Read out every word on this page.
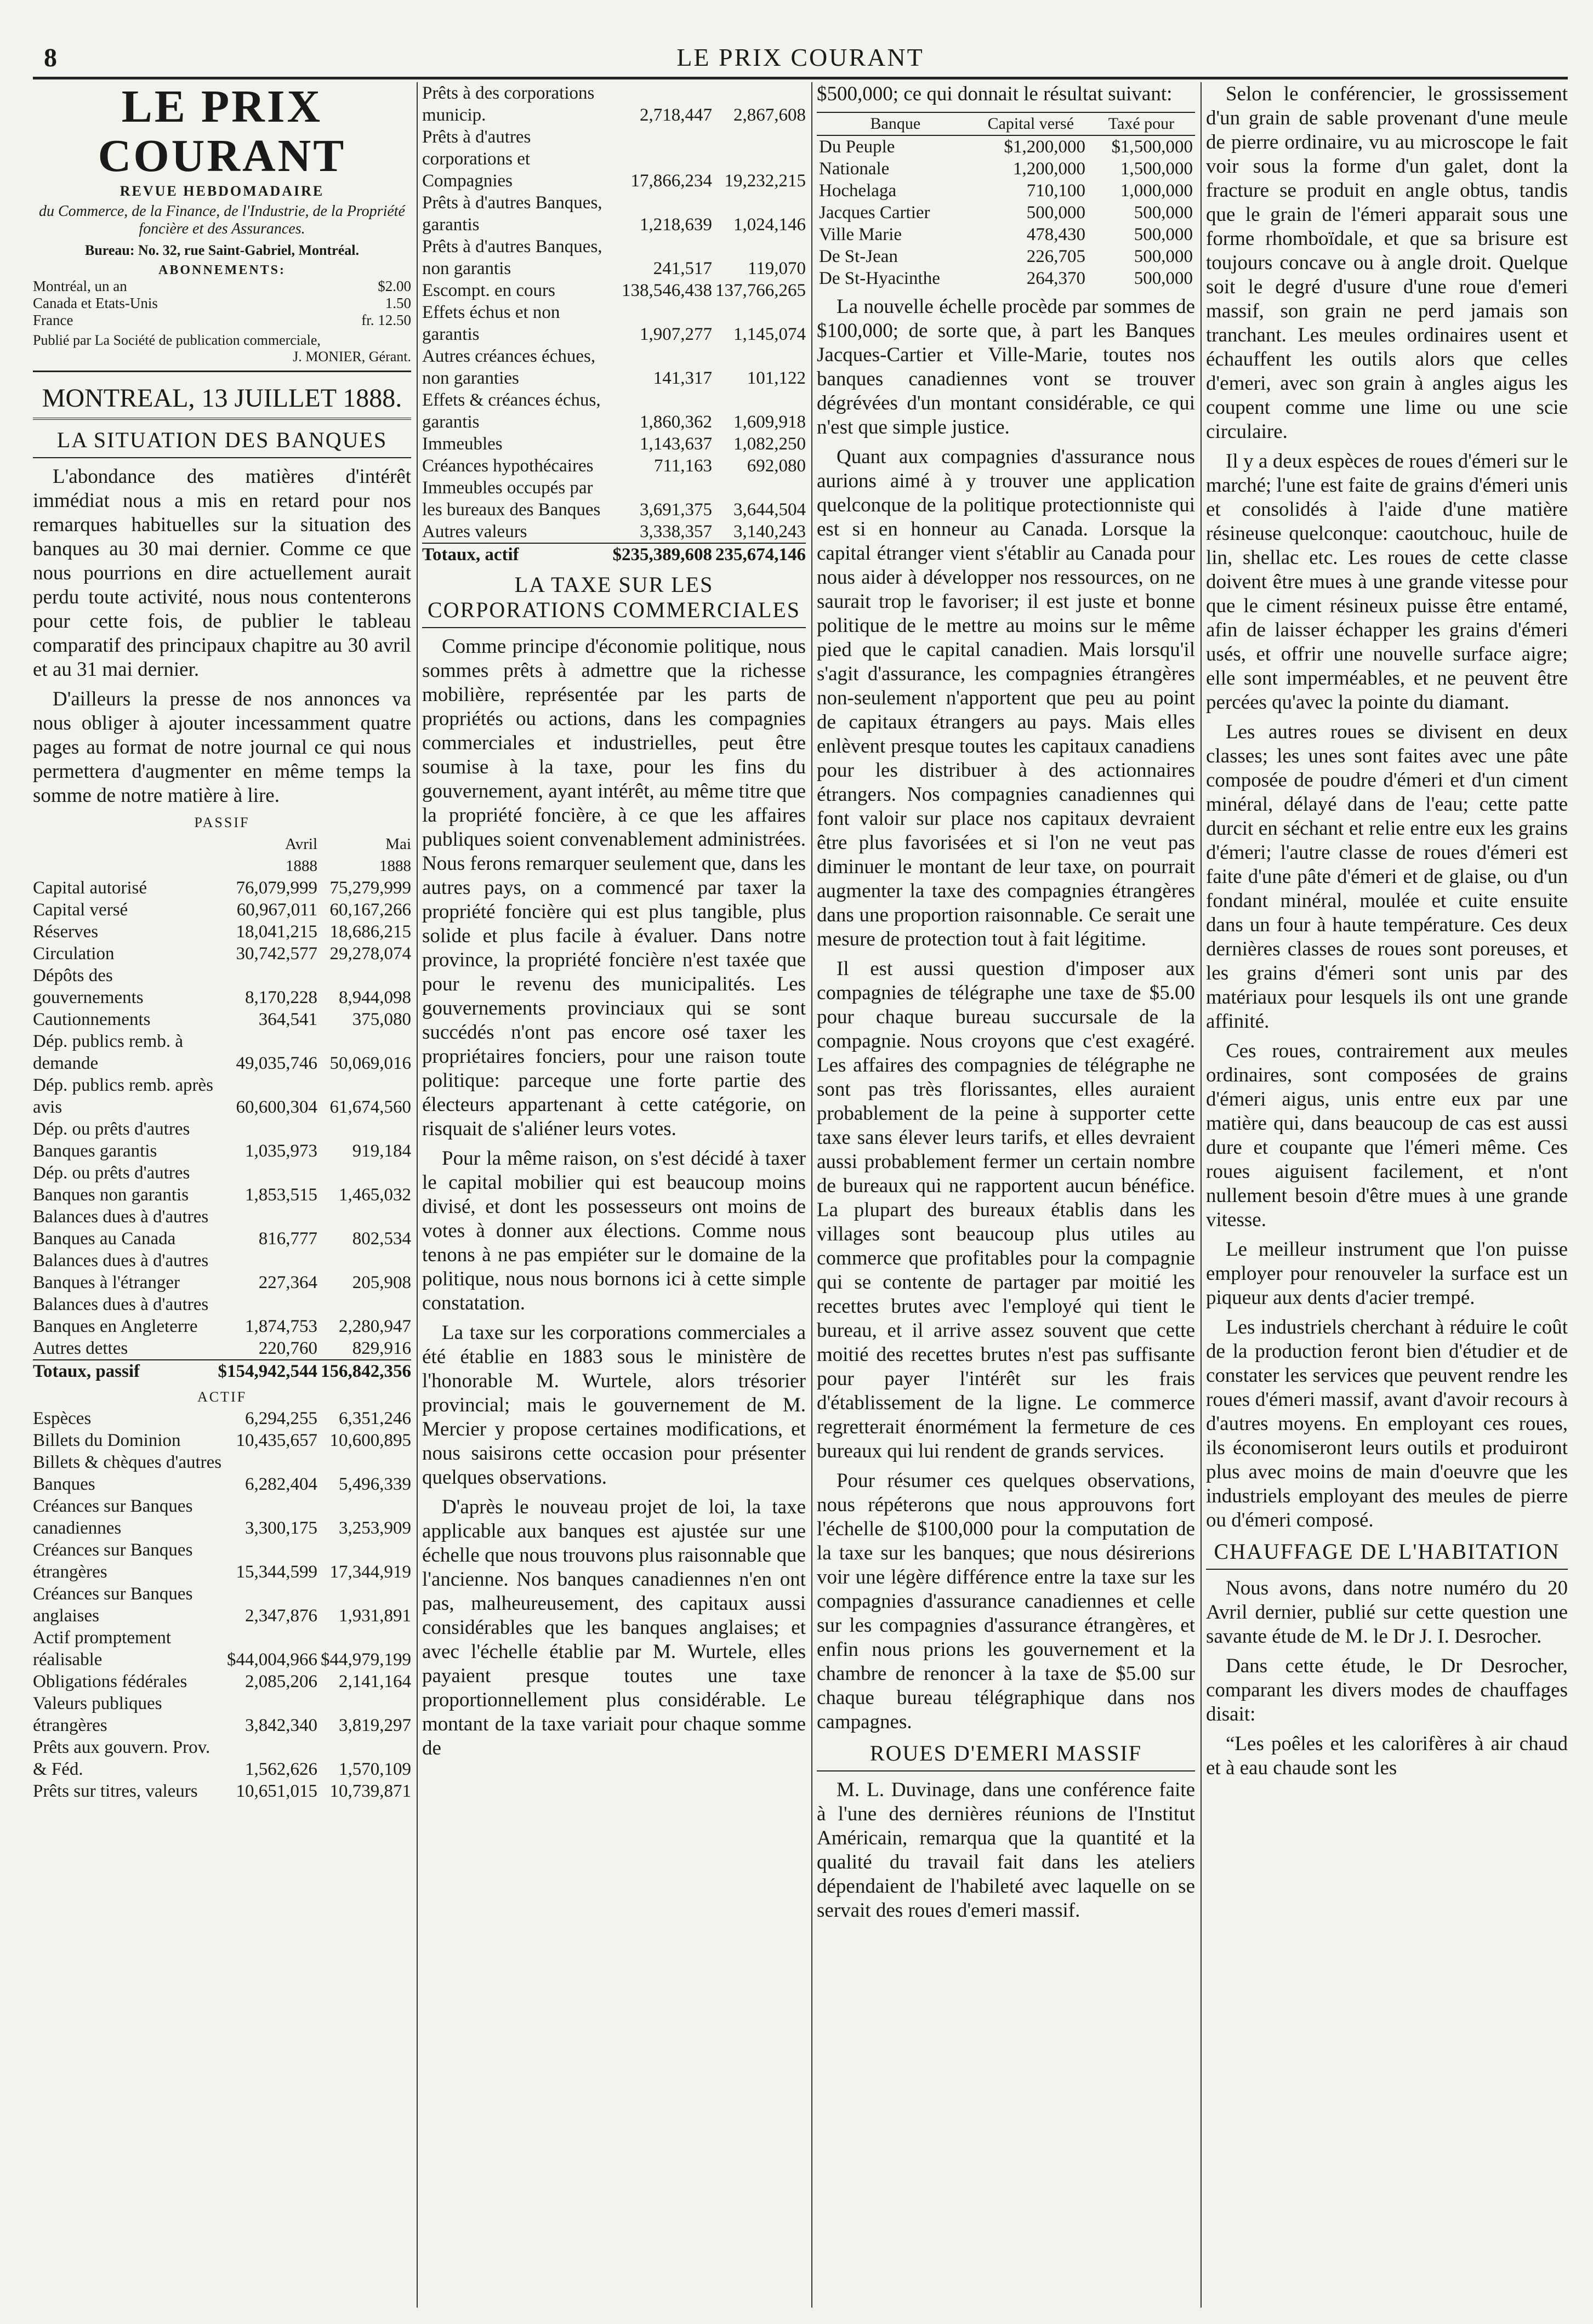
8	LE PRIX COURANT
LE PRIX COURANT
REVUE HEBDOMADAIRE
du Commerce, de la Finance, de l'Industrie, de la Propriété foncière et des Assurances.
Bureau: No. 32, rue Saint-Gabriel, Montréal.
ABONNEMENTS:
Montréal, un an	$2.00
Canada et Etats-Unis	1.50
France	fr. 12.50
Publié par La Société de publication commerciale,
J. MONIER, Gérant.
MONTREAL, 13 JUILLET 1888.
LA SITUATION DES BANQUES

L'abondance des matières d'intérêt immédiat nous a mis en retard pour nos remarques habituelles sur la situation des banques au 30 mai dernier. Comme ce que nous pourrions en dire actuellement aurait perdu toute activité, nous nous contenterons pour cette fois, de publier le tableau comparatif des principaux chapitre au 30 avril et au 31 mai dernier.

D'ailleurs la presse de nos annonces va nous obliger à ajouter incessamment quatre pages au format de notre journal ce qui nous permettera d'augmenter en même temps la somme de notre matière à lire.

PASSIF
	Avril	Mai
	1888	1888
Capital autorisé	76,079,999	75,279,999
Capital versé	60,967,011	60,167,266
Réserves	18,041,215	18,686,215
Circulation	30,742,577	29,278,074
Dépôts des gouvernements	8,170,228	8,944,098
Cautionnements	364,541	375,080
Dép. publics remb. à demande	49,035,746	50,069,016
Dép. publics remb. après avis	60,600,304	61,674,560
Dép. ou prêts d'autres Banques garantis	1,035,973	919,184
Dép. ou prêts d'autres Banques non garantis	1,853,515	1,465,032
Balances dues à d'autres Banques au Canada	816,777	802,534
Balances dues à d'autres Banques à l'étranger	227,364	205,908
Balances dues à d'autres Banques en Angleterre	1,874,753	2,280,947
Autres dettes	220,760	829,916
Totaux, passif	$154,942,544	156,842,356
ACTIF
Espèces	6,294,255	6,351,246
Billets du Dominion	10,435,657	10,600,895
Billets & chèques d'autres Banques	6,282,404	5,496,339
Créances sur Banques canadiennes	3,300,175	3,253,909
Créances sur Banques étrangères	15,344,599	17,344,919
Créances sur Banques anglaises	2,347,876	1,931,891
Actif promptement réalisable	$44,004,966	$44,979,199
Obligations fédérales	2,085,206	2,141,164
Valeurs publiques étrangères	3,842,340	3,819,297
Prêts aux gouvern. Prov. & Féd.	1,562,626	1,570,109
Prêts sur titres, valeurs	10,651,015	10,739,871
Prêts à des corporations municip.	2,718,447	2,867,608
Prêts à d'autres corporations et Compagnies	17,866,234	19,232,215
Prêts à d'autres Banques, garantis	1,218,639	1,024,146
Prêts à d'autres Banques, non garantis	241,517	119,070
Escompt. en cours	138,546,438	137,766,265
Effets échus et non garantis	1,907,277	1,145,074
Autres créances échues, non garanties	141,317	101,122
Effets & créances échus, garantis	1,860,362	1,609,918
Immeubles	1,143,637	1,082,250
Créances hypothécaires	711,163	692,080
Immeubles occupés par les bureaux des Banques	3,691,375	3,644,504
Autres valeurs	3,338,357	3,140,243
Totaux, actif	$235,389,608	235,674,146
LA TAXE SUR LES CORPORATIONS COMMERCIALES

Comme principe d'économie politique, nous sommes prêts à admettre que la richesse mobilière, représentée par les parts de propriétés ou actions, dans les compagnies commerciales et industrielles, peut être soumise à la taxe, pour les fins du gouvernement, ayant intérêt, au même titre que la propriété foncière, à ce que les affaires publiques soient convenablement administrées. Nous ferons remarquer seulement que, dans les autres pays, on a commencé par taxer la propriété foncière qui est plus tangible, plus solide et plus facile à évaluer. Dans notre province, la propriété foncière n'est taxée que pour le revenu des municipalités. Les gouvernements provinciaux qui se sont succédés n'ont pas encore osé taxer les propriétaires fonciers, pour une raison toute politique: parceque une forte partie des électeurs appartenant à cette catégorie, on risquait de s'aliéner leurs votes.

Pour la même raison, on s'est décidé à taxer le capital mobilier qui est beaucoup moins divisé, et dont les possesseurs ont moins de votes à donner aux élections. Comme nous tenons à ne pas empiéter sur le domaine de la politique, nous nous bornons ici à cette simple constatation.

La taxe sur les corporations commerciales a été établie en 1883 sous le ministère de l'honorable M. Wurtele, alors trésorier provincial; mais le gouvernement de M. Mercier y propose certaines modifications, et nous saisirons cette occasion pour présenter quelques observations.

D'après le nouveau projet de loi, la taxe applicable aux banques est ajustée sur une échelle que nous trouvons plus raisonnable que l'ancienne. Nos banques canadiennes n'en ont pas, malheureusement, des capitaux aussi considérables que les banques anglaises; et avec l'échelle établie par M. Wurtele, elles payaient presque toutes une taxe proportionnellement plus considérable. Le montant de la taxe variait pour chaque somme de

$500,000; ce qui donnait le résultat suivant:

Banque	Capital versé	Taxé pour
Du Peuple	$1,200,000	$1,500,000
Nationale	1,200,000	1,500,000
Hochelaga	710,100	1,000,000
Jacques Cartier	500,000	500,000
Ville Marie	478,430	500,000
De St-Jean	226,705	500,000
De St-Hyacinthe	264,370	500,000

La nouvelle échelle procède par sommes de $100,000; de sorte que, à part les Banques Jacques-Cartier et Ville-Marie, toutes nos banques canadiennes vont se trouver dégrévées d'un montant considérable, ce qui n'est que simple justice.

Quant aux compagnies d'assurance nous aurions aimé à y trouver une application quelconque de la politique protectionniste qui est si en honneur au Canada. Lorsque la capital étranger vient s'établir au Canada pour nous aider à développer nos ressources, on ne saurait trop le favoriser; il est juste et bonne politique de le mettre au moins sur le même pied que le capital canadien. Mais lorsqu'il s'agit d'assurance, les compagnies étrangères non-seulement n'apportent que peu au point de capitaux étrangers au pays. Mais elles enlèvent presque toutes les capitaux canadiens pour les distribuer à des actionnaires étrangers. Nos compagnies canadiennes qui font valoir sur place nos capitaux devraient être plus favorisées et si l'on ne veut pas diminuer le montant de leur taxe, on pourrait augmenter la taxe des compagnies étrangères dans une proportion raisonnable. Ce serait une mesure de protection tout à fait légitime.

Il est aussi question d'imposer aux compagnies de télégraphe une taxe de $5.00 pour chaque bureau succursale de la compagnie. Nous croyons que c'est exagéré. Les affaires des compagnies de télégraphe ne sont pas très florissantes, elles auraient probablement de la peine à supporter cette taxe sans élever leurs tarifs, et elles devraient aussi probablement fermer un certain nombre de bureaux qui ne rapportent aucun bénéfice. La plupart des bureaux établis dans les villages sont beaucoup plus utiles au commerce que profitables pour la compagnie qui se contente de partager par moitié les recettes brutes avec l'employé qui tient le bureau, et il arrive assez souvent que cette moitié des recettes brutes n'est pas suffisante pour payer l'intérêt sur les frais d'établissement de la ligne. Le commerce regretterait énormément la fermeture de ces bureaux qui lui rendent de grands services.

Pour résumer ces quelques observations, nous répéterons que nous approuvons fort l'échelle de $100,000 pour la computation de la taxe sur les banques; que nous désirerions voir une légère différence entre la taxe sur les compagnies d'assurance canadiennes et celle sur les compagnies d'assurance étrangères, et enfin nous prions les gouvernement et la chambre de renoncer à la taxe de $5.00 sur chaque bureau télégraphique dans nos campagnes.

ROUES D'EMERI MASSIF

M. L. Duvinage, dans une conférence faite à l'une des dernières réunions de l'Institut Américain, remarqua que la quantité et la qualité du travail fait dans les ateliers dépendaient de l'habileté avec laquelle on se servait des roues d'emeri massif.

Selon le conférencier, le grossissement d'un grain de sable provenant d'une meule de pierre ordinaire, vu au microscope le fait voir sous la forme d'un galet, dont la fracture se produit en angle obtus, tandis que le grain de l'émeri apparait sous une forme rhomboïdale, et que sa brisure est toujours concave ou à angle droit. Quelque soit le degré d'usure d'une roue d'emeri massif, son grain ne perd jamais son tranchant. Les meules ordinaires usent et échauffent les outils alors que celles d'emeri, avec son grain à angles aigus les coupent comme une lime ou une scie circulaire.

Il y a deux espèces de roues d'émeri sur le marché; l'une est faite de grains d'émeri unis et consolidés à l'aide d'une matière résineuse quelconque: caoutchouc, huile de lin, shellac etc. Les roues de cette classe doivent être mues à une grande vitesse pour que le ciment résineux puisse être entamé, afin de laisser échapper les grains d'émeri usés, et offrir une nouvelle surface aigre; elle sont imperméables, et ne peuvent être percées qu'avec la pointe du diamant.

Les autres roues se divisent en deux classes; les unes sont faites avec une pâte composée de poudre d'émeri et d'un ciment minéral, délayé dans de l'eau; cette patte durcit en séchant et relie entre eux les grains d'émeri; l'autre classe de roues d'émeri est faite d'une pâte d'émeri et de glaise, ou d'un fondant minéral, moulée et cuite ensuite dans un four à haute température. Ces deux dernières classes de roues sont poreuses, et les grains d'émeri sont unis par des matériaux pour lesquels ils ont une grande affinité.

Ces roues, contrairement aux meules ordinaires, sont composées de grains d'émeri aigus, unis entre eux par une matière qui, dans beaucoup de cas est aussi dure et coupante que l'émeri même. Ces roues aiguisent facilement, et n'ont nullement besoin d'être mues à une grande vitesse.

Le meilleur instrument que l'on puisse employer pour renouveler la surface est un piqueur aux dents d'acier trempé.

Les industriels cherchant à réduire le coût de la production feront bien d'étudier et de constater les services que peuvent rendre les roues d'émeri massif, avant d'avoir recours à d'autres moyens. En employant ces roues, ils économiseront leurs outils et produiront plus avec moins de main d'oeuvre que les industriels employant des meules de pierre ou d'émeri composé.

CHAUFFAGE DE L'HABITATION

Nous avons, dans notre numéro du 20 Avril dernier, publié sur cette question une savante étude de M. le Dr J. I. Desrocher.

Dans cette étude, le Dr Desrocher, comparant les divers modes de chauffages disait:

“Les poêles et les calorifères à air chaud et à eau chaude sont les
